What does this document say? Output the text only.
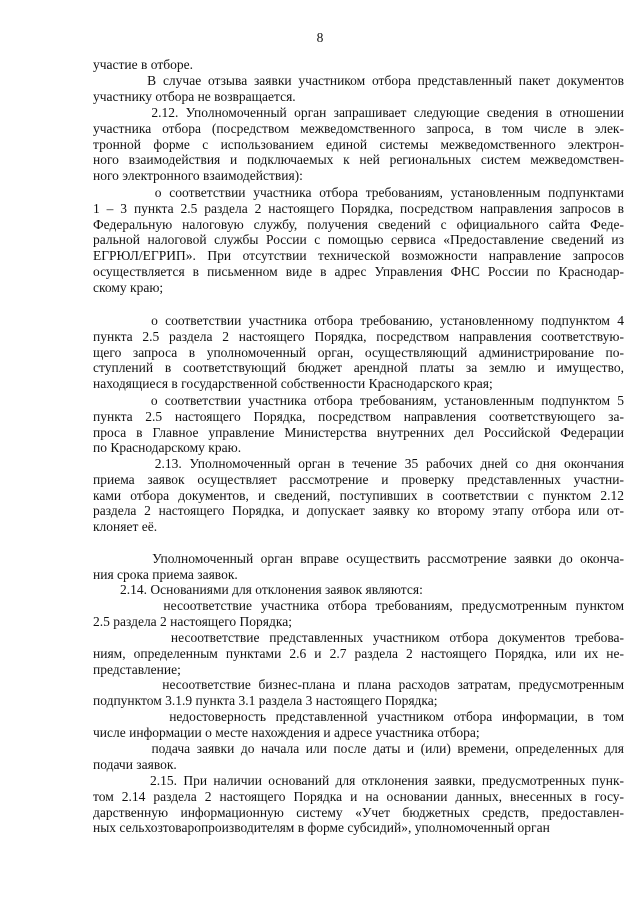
8
участие в отборе.
В случае отзыва заявки участником отбора представленный пакет документов
участнику отбора не возвращается.
2.12. Уполномоченный орган запрашивает следующие сведения в отношении
участника отбора (посредством межведомственного запроса, в том числе в элек-
тронной форме с использованием единой системы межведомственного электрон-
ного взаимодействия и подключаемых к ней региональных систем межведомствен-
ного электронного взаимодействия):
о соответствии участника отбора требованиям, установленным подпунктами
1 – 3 пункта 2.5 раздела 2 настоящего Порядка, посредством направления запросов в
Федеральную налоговую службу, получения сведений с официального сайта Феде-
ральной налоговой службы России с помощью сервиса «Предоставление сведений из
ЕГРЮЛ/ЕГРИП». При отсутствии технической возможности направление запросов
осуществляется в письменном виде в адрес Управления ФНС России по Краснодар-
скому краю;
о соответствии участника отбора требованию, установленному подпунктом 4
пункта 2.5 раздела 2 настоящего Порядка, посредством направления соответствую-
щего запроса в уполномоченный орган, осуществляющий администрирование по-
ступлений в соответствующий бюджет арендной платы за землю и имущество,
находящиеся в государственной собственности Краснодарского края;
о соответствии участника отбора требованиям, установленным подпунктом 5
пункта 2.5 настоящего Порядка, посредством направления соответствующего за-
проса в Главное управление Министерства внутренних дел Российской Федерации
по Краснодарскому краю.
2.13. Уполномоченный орган в течение 35 рабочих дней со дня окончания
приема заявок осуществляет рассмотрение и проверку представленных участни-
ками отбора документов, и сведений, поступивших в соответствии с пунктом 2.12
раздела 2 настоящего Порядка, и допускает заявку ко второму этапу отбора или от-
клоняет её.
Уполномоченный орган вправе осуществить рассмотрение заявки до оконча-
ния срока приема заявок.
2.14. Основаниями для отклонения заявок являются:
несоответствие участника отбора требованиям, предусмотренным пунктом
2.5 раздела 2 настоящего Порядка;
несоответствие представленных участником отбора документов требова-
ниям, определенным пунктами 2.6 и 2.7 раздела 2 настоящего Порядка, или их не-
представление;
несоответствие бизнес-плана и плана расходов затратам, предусмотренным
подпунктом 3.1.9 пункта 3.1 раздела 3 настоящего Порядка;
недостоверность представленной участником отбора информации, в том
числе информации о месте нахождения и адресе участника отбора;
подача заявки до начала или после даты и (или) времени, определенных для
подачи заявок.
2.15. При наличии оснований для отклонения заявки, предусмотренных пунк-
том 2.14 раздела 2 настоящего Порядка и на основании данных, внесенных в госу-
дарственную информационную систему «Учет бюджетных средств, предоставлен-
ных сельхозтоваропроизводителям в форме субсидий», уполномоченный орган
